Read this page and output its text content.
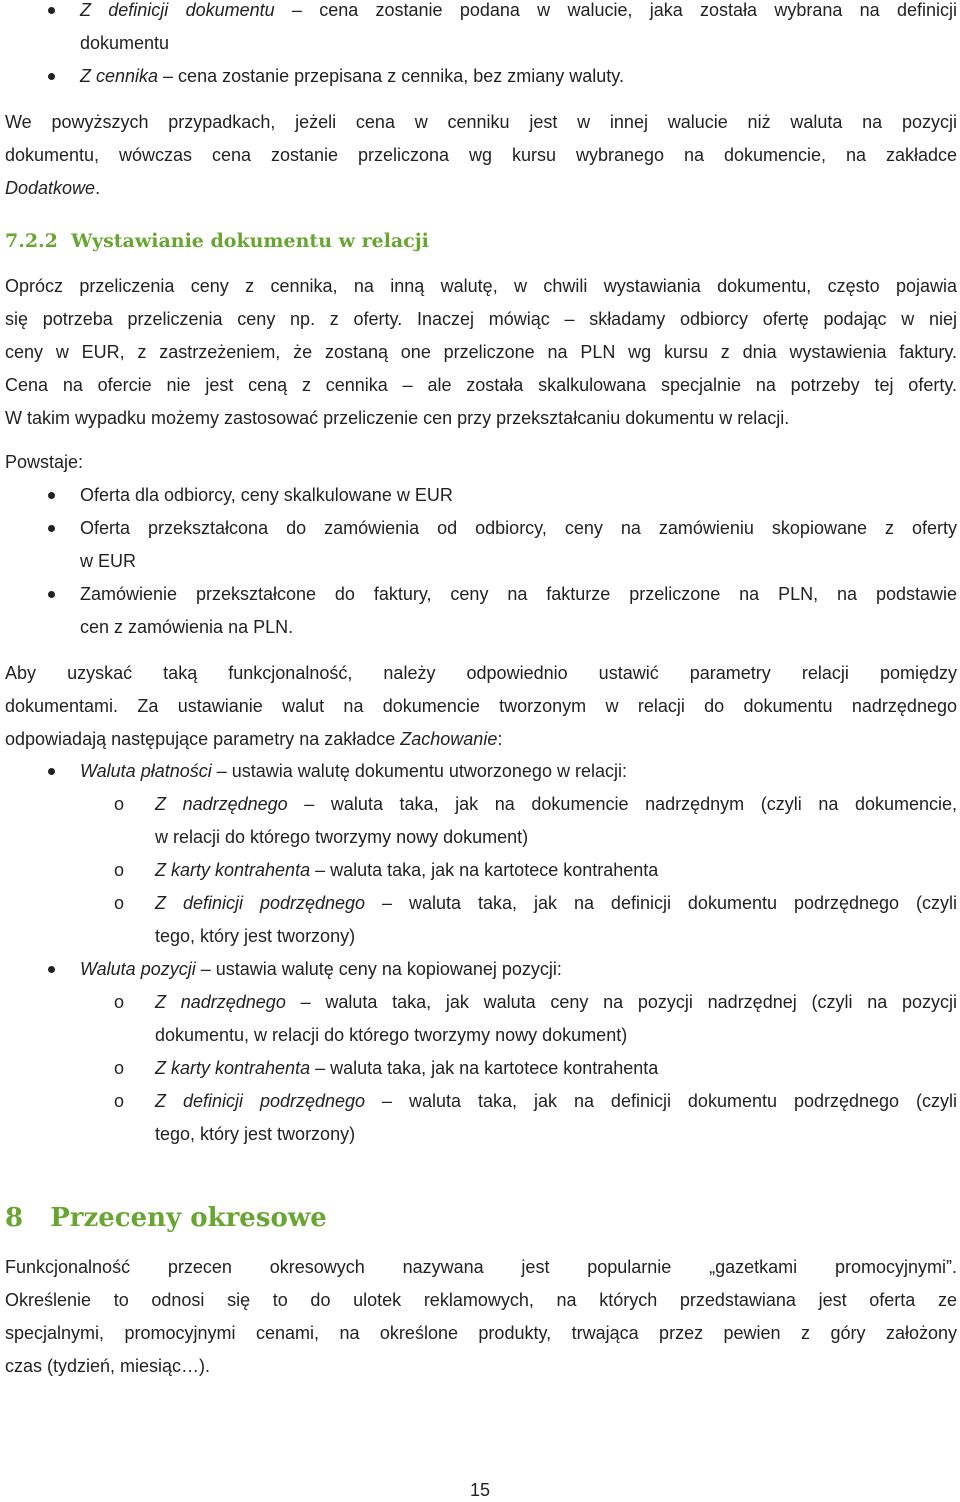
Z definicji dokumentu – cena zostanie podana w walucie, jaka została wybrana na definicji
dokumentu
Z cennika – cena zostanie przepisana z cennika, bez zmiany waluty.
We powyższych przypadkach, jeżeli cena w cenniku jest w innej walucie niż waluta na pozycji
dokumentu, wówczas cena zostanie przeliczona wg kursu wybranego na dokumencie, na zakładce
Dodatkowe.
7.2.2 Wystawianie dokumentu w relacji
Oprócz przeliczenia ceny z cennika, na inną walutę, w chwili wystawiania dokumentu, często pojawia
się potrzeba przeliczenia ceny np. z oferty. Inaczej mówiąc – składamy odbiorcy ofertę podając w niej
ceny w EUR, z zastrzeżeniem, że zostaną one przeliczone na PLN wg kursu z dnia wystawienia faktury.
Cena na ofercie nie jest ceną z cennika – ale została skalkulowana specjalnie na potrzeby tej oferty.
W takim wypadku możemy zastosować przeliczenie cen przy przekształcaniu dokumentu w relacji.
Powstaje:
Oferta dla odbiorcy, ceny skalkulowane w EUR
Oferta przekształcona do zamówienia od odbiorcy, ceny na zamówieniu skopiowane z oferty
w EUR
Zamówienie przekształcone do faktury, ceny na fakturze przeliczone na PLN, na podstawie
cen z zamówienia na PLN.
Aby uzyskać taką funkcjonalność, należy odpowiednio ustawić parametry relacji pomiędzy
dokumentami. Za ustawianie walut na dokumencie tworzonym w relacji do dokumentu nadrzędnego
odpowiadają następujące parametry na zakładce Zachowanie:
Waluta płatności – ustawia walutę dokumentu utworzonego w relacji:
o Z nadrzędnego – waluta taka, jak na dokumencie nadrzędnym (czyli na dokumencie,
w relacji do którego tworzymy nowy dokument)
o Z karty kontrahenta – waluta taka, jak na kartotece kontrahenta
o Z definicji podrzędnego – waluta taka, jak na definicji dokumentu podrzędnego (czyli
tego, który jest tworzony)
Waluta pozycji – ustawia walutę ceny na kopiowanej pozycji:
o Z nadrzędnego – waluta taka, jak waluta ceny na pozycji nadrzędnej (czyli na pozycji
dokumentu, w relacji do którego tworzymy nowy dokument)
o Z karty kontrahenta – waluta taka, jak na kartotece kontrahenta
o Z definicji podrzędnego – waluta taka, jak na definicji dokumentu podrzędnego (czyli
tego, który jest tworzony)
8 Przeceny okresowe
Funkcjonalność przecen okresowych nazywana jest popularnie „gazetkami promocyjnymi”.
Określenie to odnosi się to do ulotek reklamowych, na których przedstawiana jest oferta ze
specjalnymi, promocyjnymi cenami, na określone produkty, trwająca przez pewien z góry założony
czas (tydzień, miesiąc…).
15
